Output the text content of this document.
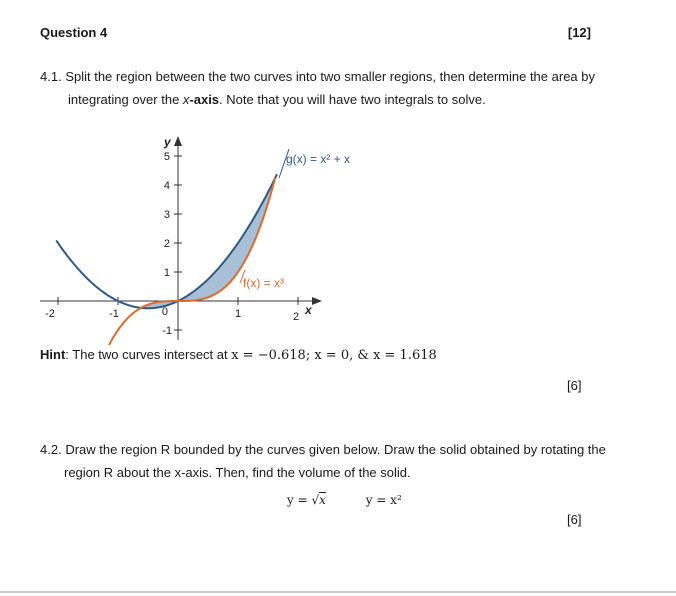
Question 4	[12]
4.1. Split the region between the two curves into two smaller regions, then determine the area by
integrating over the x-axis. Note that you will have two integrals to solve.
y
x
5
4
3
2
1
0
-1
-2	-1	1	2
g(x) = x² + x
f(x) = x³
Hint: The two curves intersect at x = −0.618; x = 0, & x = 1.618
[6]
4.2. Draw the region R bounded by the curves given below. Draw the solid obtained by rotating the
region R about the x-axis. Then, find the volume of the solid.
y = √x	y = x²
[6]
